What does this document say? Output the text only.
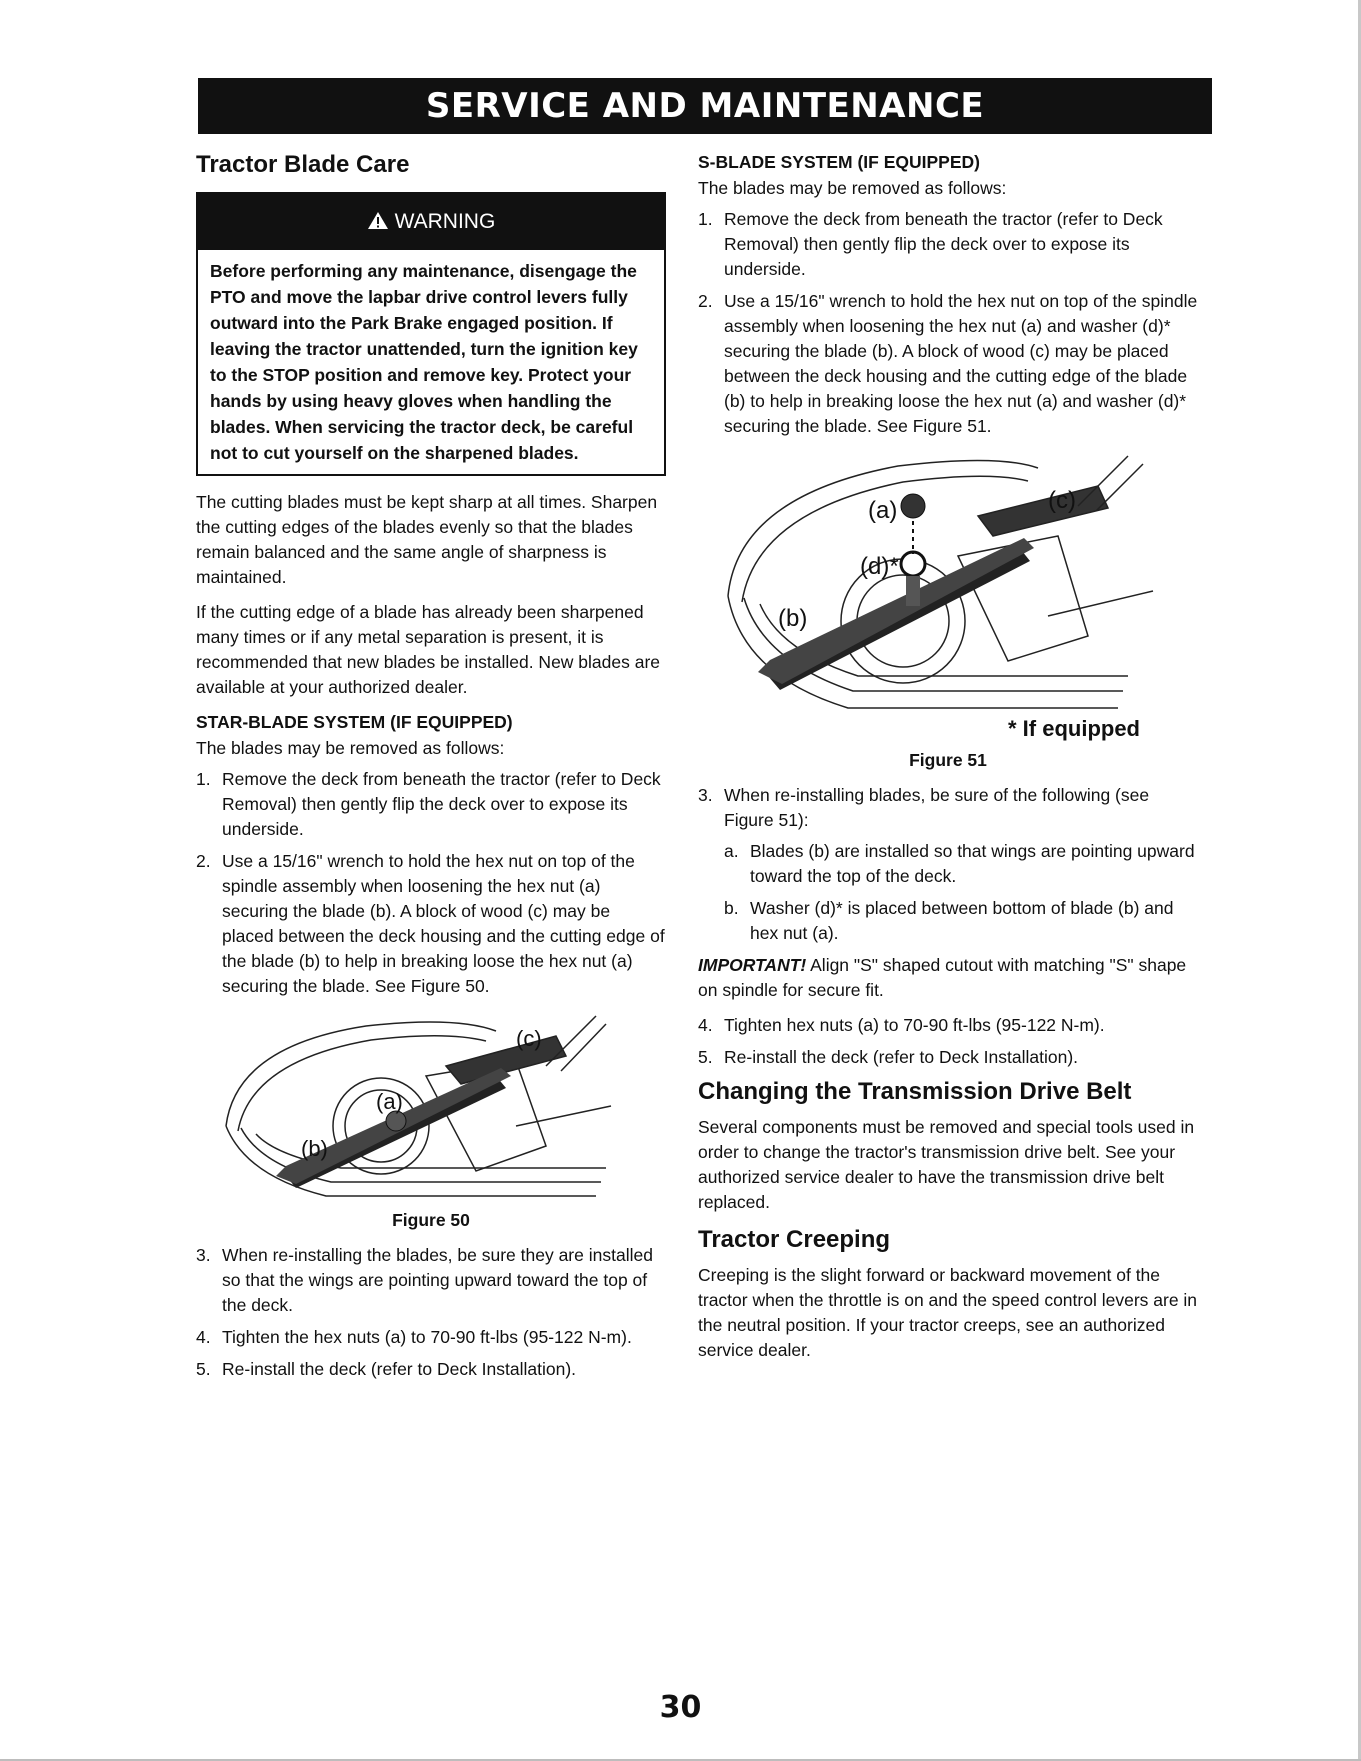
SERVICE AND MAINTENANCE
Tractor Blade Care
WARNING
Before performing any maintenance, disengage the PTO and move the lapbar drive control levers fully outward into the Park Brake engaged position. If leaving the tractor unattended, turn the ignition key to the STOP position and remove key. Protect your hands by using heavy gloves when handling the blades. When servicing the tractor deck, be careful not to cut yourself on the sharpened blades.

The cutting blades must be kept sharp at all times. Sharpen the cutting edges of the blades evenly so that the blades remain balanced and the same angle of sharpness is maintained.

If the cutting edge of a blade has already been sharpened many times or if any metal separation is present, it is recommended that new blades be installed. New blades are available at your authorized dealer.

STAR-BLADE SYSTEM (IF EQUIPPED)

The blades may be removed as follows:

1. Remove the deck from beneath the tractor (refer to Deck Removal) then gently flip the deck over to expose its underside.
2. Use a 15/16" wrench to hold the hex nut on top of the spindle assembly when loosening the hex nut (a) securing the blade (b). A block of wood (c) may be placed between the deck housing and the cutting edge of the blade (b) to help in breaking loose the hex nut (a) securing the blade. See Figure 50.
(a)
(b)
(c)
Figure 50
3. When re-installing the blades, be sure they are installed so that the wings are pointing upward toward the top of the deck.
4. Tighten the hex nuts (a) to 70-90 ft-lbs (95-122 N-m).
5. Re-install the deck (refer to Deck Installation).
S-BLADE SYSTEM (IF EQUIPPED)

The blades may be removed as follows:

1. Remove the deck from beneath the tractor (refer to Deck Removal) then gently flip the deck over to expose its underside.
2. Use a 15/16" wrench to hold the hex nut on top of the spindle assembly when loosening the hex nut (a) and washer (d)* securing the blade (b). A block of wood (c) may be placed between the deck housing and the cutting edge of the blade (b) to help in breaking loose the hex nut (a) and washer (d)* securing the blade. See Figure 51.
(a)
(d)*
(b)
(c)
* If equipped
Figure 51
3. When re-installing blades, be sure of the following (see Figure 51):
a. Blades (b) are installed so that wings are pointing upward toward the top of the deck.
b. Washer (d)* is placed between bottom of blade (b) and hex nut (a).

IMPORTANT! Align "S" shaped cutout with matching "S" shape on spindle for secure fit.

4. Tighten hex nuts (a) to 70-90 ft-lbs (95-122 N-m).
5. Re-install the deck (refer to Deck Installation).
Changing the Transmission Drive Belt

Several components must be removed and special tools used in order to change the tractor's transmission drive belt. See your authorized service dealer to have the transmission drive belt replaced.

Tractor Creeping

Creeping is the slight forward or backward movement of the tractor when the throttle is on and the speed control levers are in the neutral position. If your tractor creeps, see an authorized service dealer.

30
